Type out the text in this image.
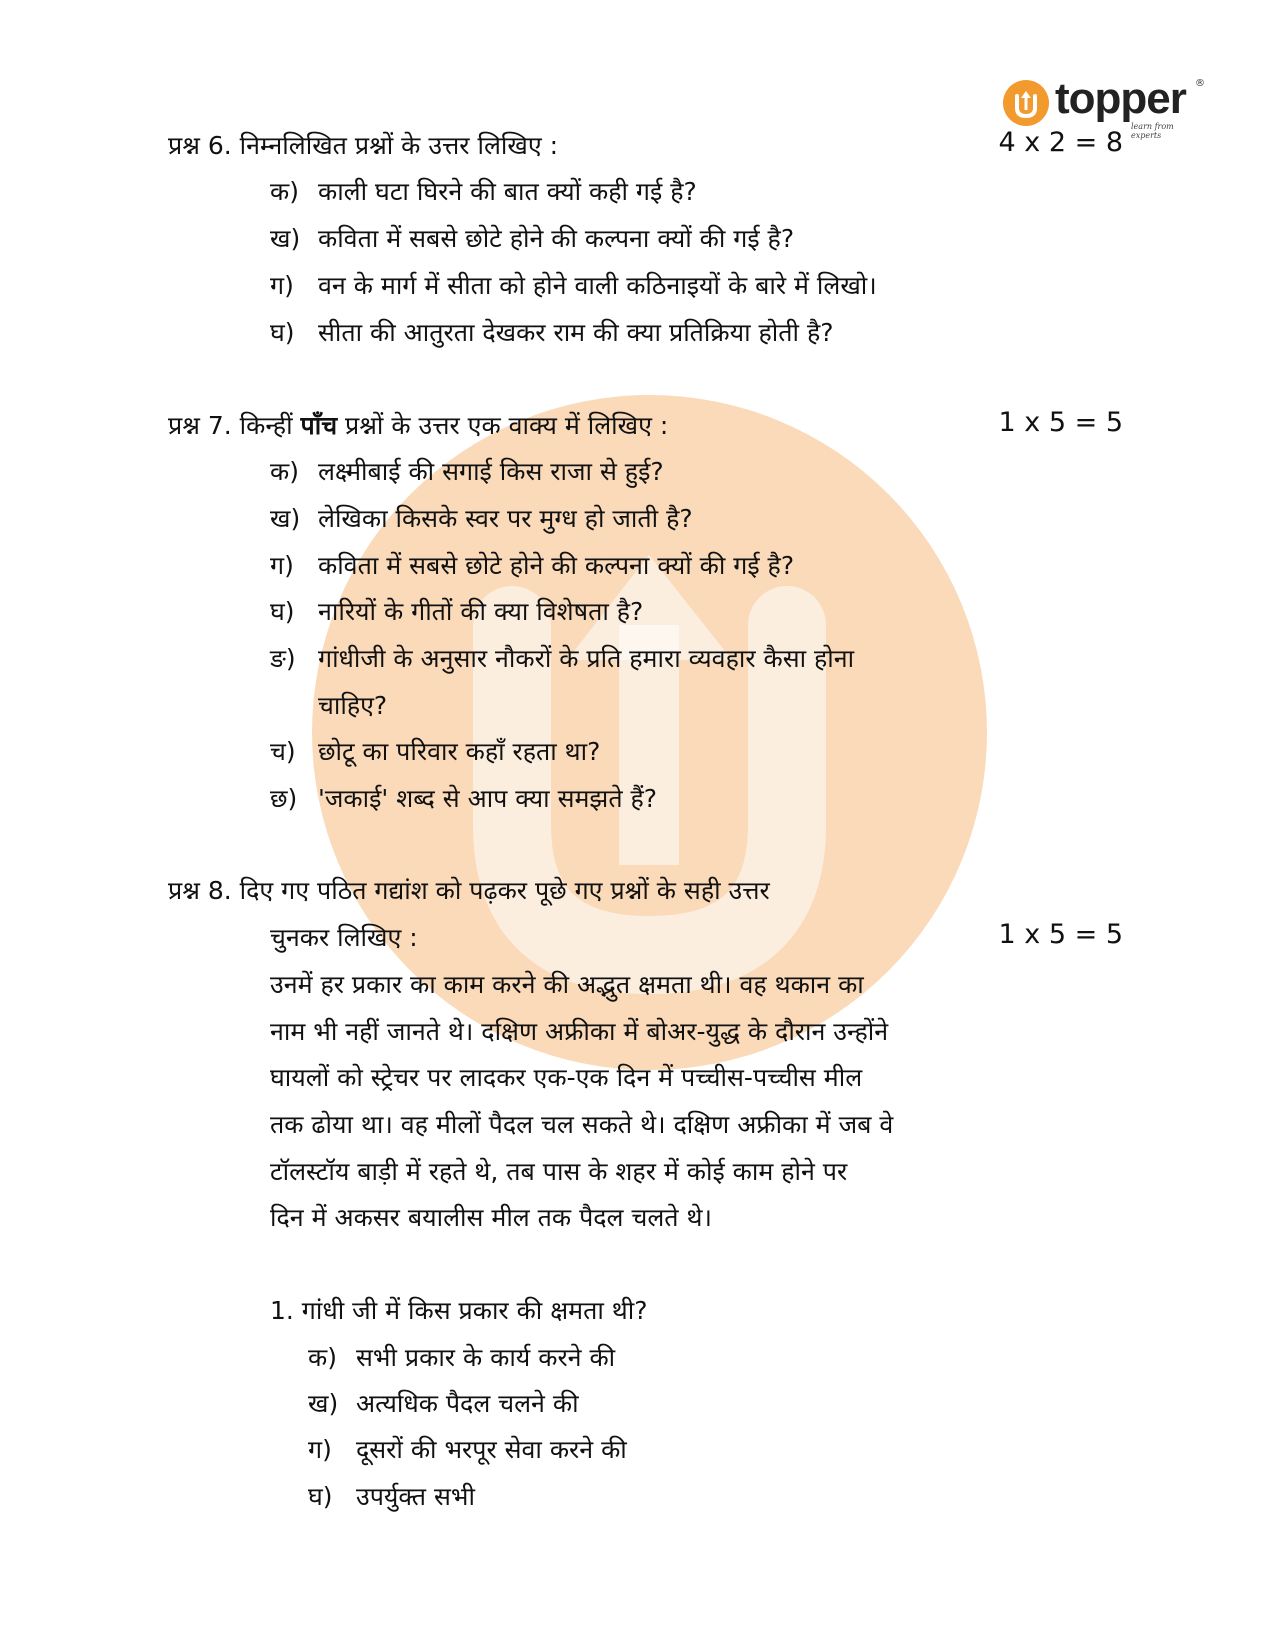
topper
learn from experts
®
प्रश्न 6. निम्नलिखित प्रश्नों के उत्तर लिखिए :	4 x 2 = 8
क) काली घटा घिरने की बात क्यों कही गई है?
ख) कविता में सबसे छोटे होने की कल्पना क्यों की गई है?
ग) वन के मार्ग में सीता को होने वाली कठिनाइयों के बारे में लिखो।
घ) सीता की आतुरता देखकर राम की क्या प्रतिक्रिया होती है?
प्रश्न 7. किन्हीं पाँच प्रश्नों के उत्तर एक वाक्य में लिखिए :	1 x 5 = 5
क) लक्ष्मीबाई की सगाई किस राजा से हुई?
ख) लेखिका किसके स्वर पर मुग्ध हो जाती है?
ग) कविता में सबसे छोटे होने की कल्पना क्यों की गई है?
घ) नारियों के गीतों की क्या विशेषता है?
ङ) गांधीजी के अनुसार नौकरों के प्रति हमारा व्यवहार कैसा होना
चाहिए?
च) छोटू का परिवार कहाँ रहता था?
छ) 'जकाई' शब्द से आप क्या समझते हैं?
प्रश्न 8. दिए गए पठित गद्यांश को पढ़कर पूछे गए प्रश्नों के सही उत्तर
चुनकर लिखिए :	1 x 5 = 5
उनमें हर प्रकार का काम करने की अद्भुत क्षमता थी। वह थकान का
नाम भी नहीं जानते थे। दक्षिण अफ्रीका में बोअर-युद्ध के दौरान उन्होंने
घायलों को स्ट्रेचर पर लादकर एक-एक दिन में पच्चीस-पच्चीस मील
तक ढोया था। वह मीलों पैदल चल सकते थे। दक्षिण अफ्रीका में जब वे
टॉलस्टॉय बाड़ी में रहते थे, तब पास के शहर में कोई काम होने पर
दिन में अकसर बयालीस मील तक पैदल चलते थे।
1. गांधी जी में किस प्रकार की क्षमता थी?
क) सभी प्रकार के कार्य करने की
ख) अत्यधिक पैदल चलने की
ग) दूसरों की भरपूर सेवा करने की
घ) उपर्युक्त सभी
